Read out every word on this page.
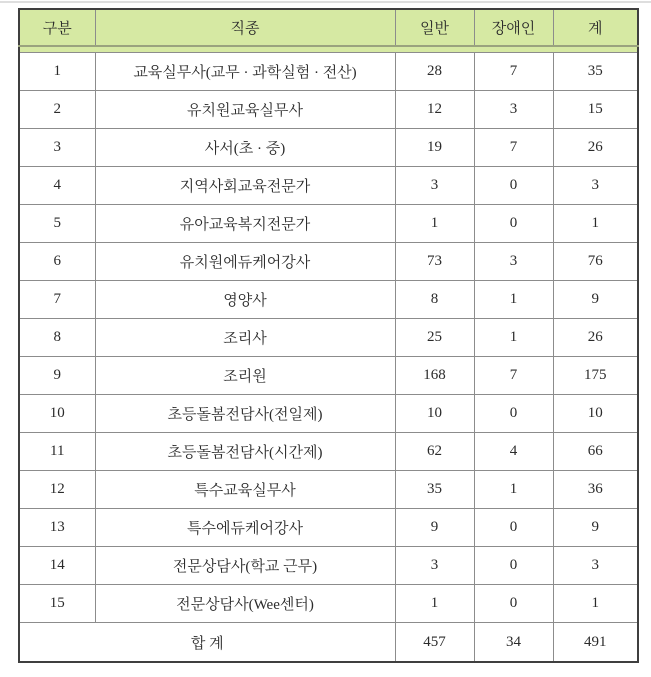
구분	직종	일반	장애인	계

1	교육실무사(교무 · 과학실험 · 전산)	28	7	35
2	유치원교육실무사	12	3	15
3	사서(초 · 중)	19	7	26
4	지역사회교육전문가	3	0	3
5	유아교육복지전문가	1	0	1
6	유치원에듀케어강사	73	3	76
7	영양사	8	1	9
8	조리사	25	1	26
9	조리원	168	7	175
10	초등돌봄전담사(전일제)	10	0	10
11	초등돌봄전담사(시간제)	62	4	66
12	특수교육실무사	35	1	36
13	특수에듀케어강사	9	0	9
14	전문상담사(학교 근무)	3	0	3
15	전문상담사(Wee센터)	1	0	1
합 계		457	34	491
